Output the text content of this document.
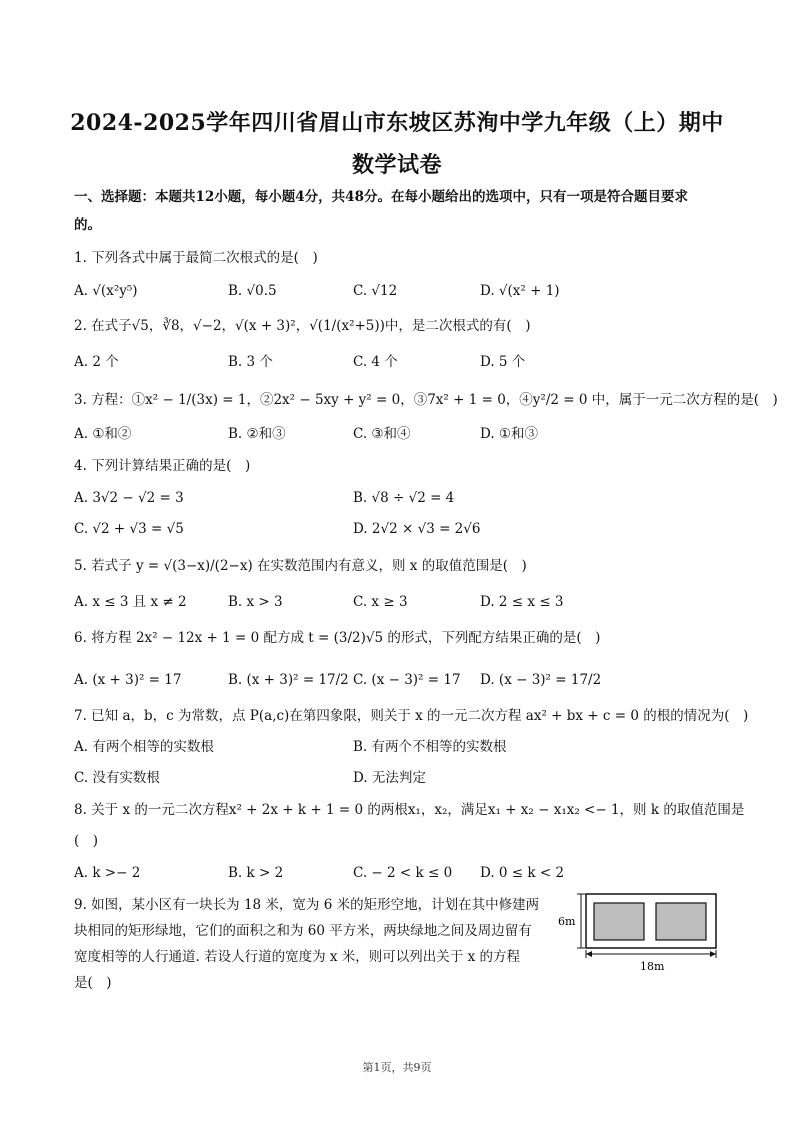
2024-2025学年四川省眉山市东坡区苏洵中学九年级（上）期中
数学试卷
一、选择题：本题共12小题，每小题4分，共48分。在每小题给出的选项中，只有一项是符合题目要求
的。
1. 下列各式中属于最简二次根式的是(　)
A. √(x²y⁵)	B. √0.5	C. √12	D. √(x² + 1)
2. 在式子√5，∛8，√−2，√(x + 3)²，√(1/(x²+5))中，是二次根式的有(　)
A. 2 个	B. 3 个	C. 4 个	D. 5 个
3. 方程：①x² − 1/(3x) = 1，②2x² − 5xy + y² = 0，③7x² + 1 = 0，④y²/2 = 0 中，属于一元二次方程的是(　)
A. ①和②	B. ②和③	C. ③和④	D. ①和③
4. 下列计算结果正确的是(　)
A. 3√2 − √2 = 3	B. √8 ÷ √2 = 4
C. √2 + √3 = √5	D. 2√2 × √3 = 2√6
5. 若式子 y = √(3−x)/(2−x) 在实数范围内有意义，则 x 的取值范围是(　)
A. x ≤ 3 且 x ≠ 2	B. x > 3	C. x ≥ 3	D. 2 ≤ x ≤ 3
6. 将方程 2x² − 12x + 1 = 0 配方成 t = (3/2)√5 的形式，下列配方结果正确的是(　)
A. (x + 3)² = 17	B. (x + 3)² = 17/2 C. (x − 3)² = 17 D. (x − 3)² = 17/2
7. 已知 a，b，c 为常数，点 P(a,c)在第四象限，则关于 x 的一元二次方程 ax² + bx + c = 0 的根的情况为(　)
A. 有两个相等的实数根	B. 有两个不相等的实数根
C. 没有实数根	D. 无法判定
8. 关于 x 的一元二次方程x² + 2x + k + 1 = 0 的两根x₁，x₂，满足x₁ + x₂ − x₁x₂ <− 1，则 k 的取值范围是
(　)
A. k >− 2	B. k > 2	C. − 2 < k ≤ 0 D. 0 ≤ k < 2
9. 如图，某小区有一块长为 18 米，宽为 6 米的矩形空地，计划在其中修建两
块相同的矩形绿地，它们的面积之和为 60 平方米，两块绿地之间及周边留有
宽度相等的人行通道. 若设人行道的宽度为 x 米，则可以列出关于 x 的方程
是(　)
6m
18m
第1页，共9页
